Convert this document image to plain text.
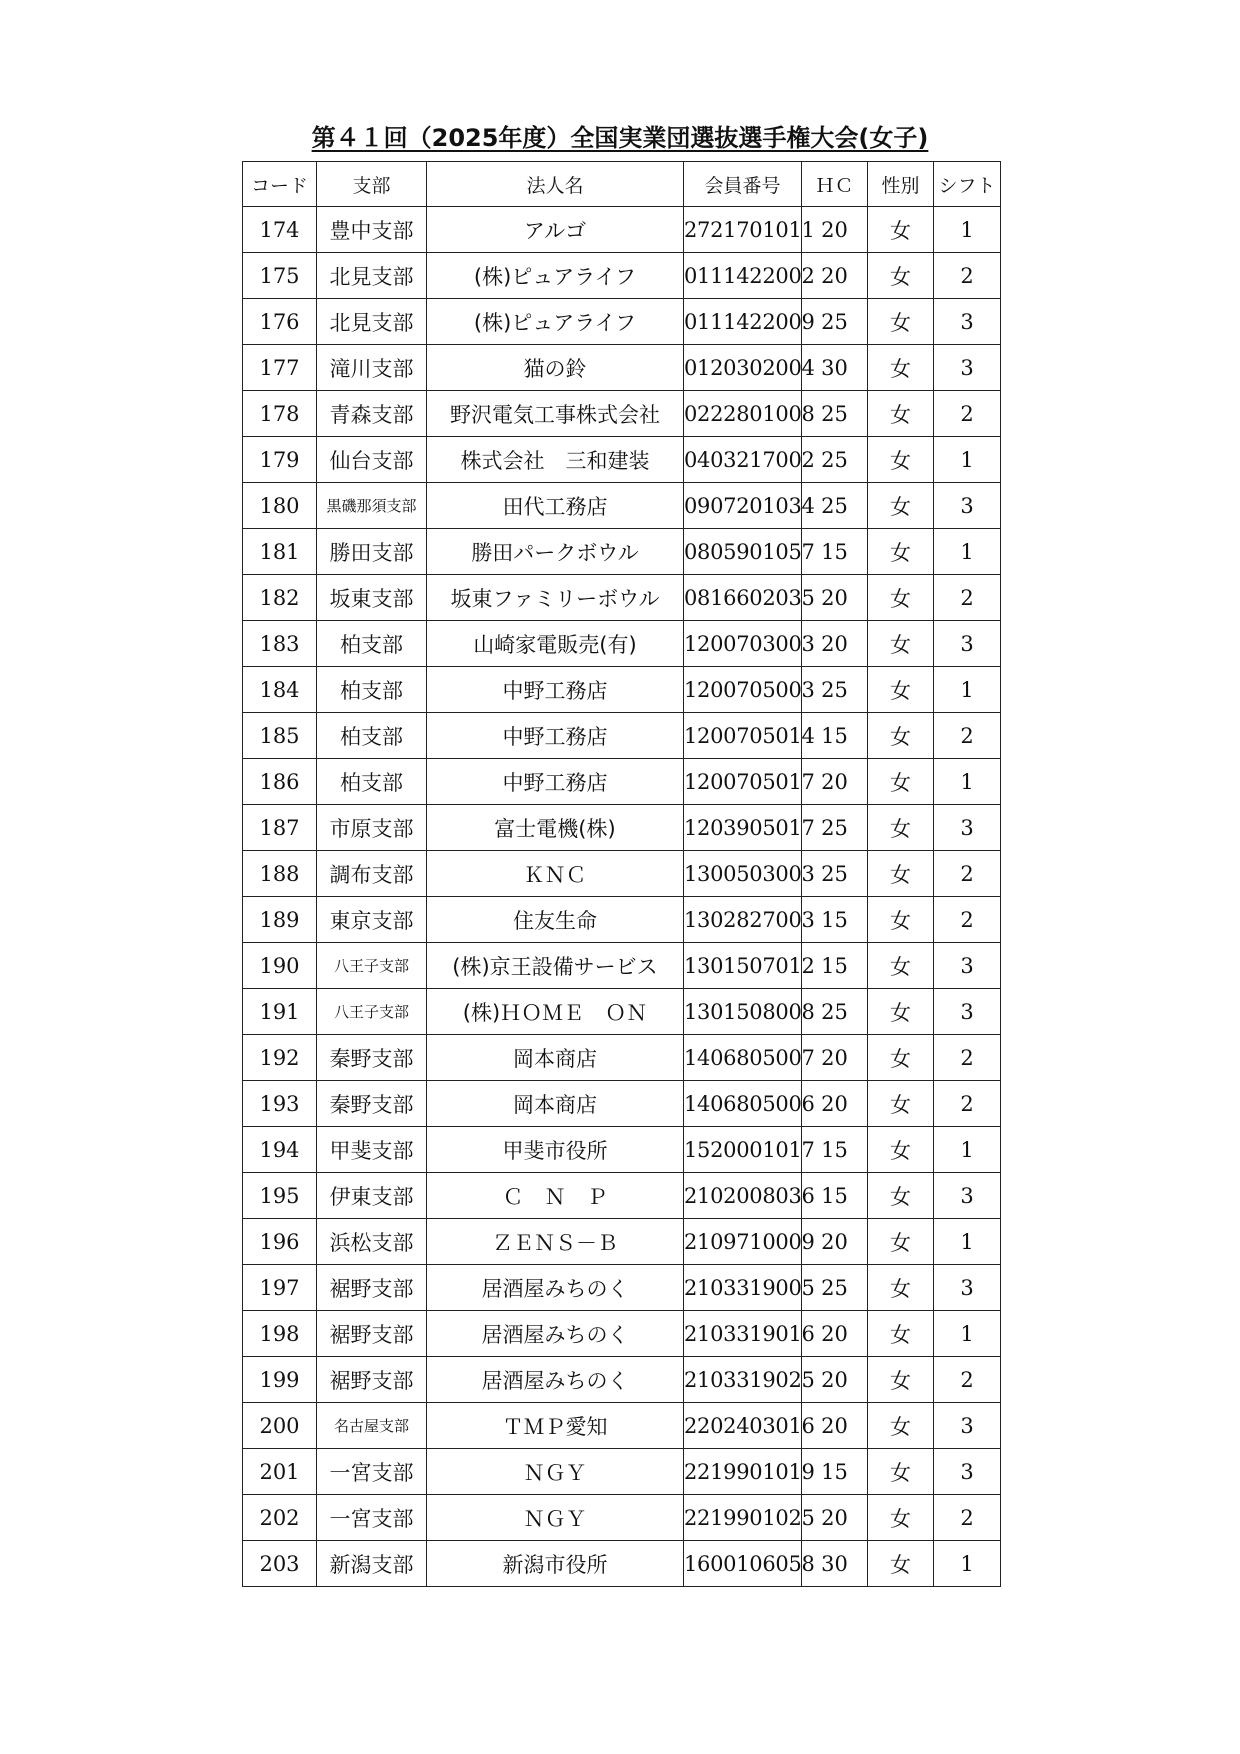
第４１回（2025年度）全国実業団選抜選手権大会(女子)
コード	支部	法人名	会員番号	ＨＣ	性別	シフト
174	豊中支部	アルゴ	2721701011	20	女	1
175	北見支部	(株)ピュアライフ	0111422002	20	女	2
176	北見支部	(株)ピュアライフ	0111422009	25	女	3
177	滝川支部	猫の鈴	0120302004	30	女	3
178	青森支部	野沢電気工事株式会社	0222801008	25	女	2
179	仙台支部	株式会社　三和建装	0403217002	25	女	1
180	黒磯那須支部	田代工務店	0907201034	25	女	3
181	勝田支部	勝田パークボウル	0805901057	15	女	1
182	坂東支部	坂東ファミリーボウル	0816602035	20	女	2
183	柏支部	山崎家電販売(有)	1200703003	20	女	3
184	柏支部	中野工務店	1200705003	25	女	1
185	柏支部	中野工務店	1200705014	15	女	2
186	柏支部	中野工務店	1200705017	20	女	1
187	市原支部	富士電機(株)	1203905017	25	女	3
188	調布支部	ＫＮＣ	1300503003	25	女	2
189	東京支部	住友生命	1302827003	15	女	2
190	八王子支部	(株)京王設備サービス	1301507012	15	女	3
191	八王子支部	(株)ＨＯＭＥ　ＯＮ	1301508008	25	女	3
192	秦野支部	岡本商店	1406805007	20	女	2
193	秦野支部	岡本商店	1406805006	20	女	2
194	甲斐支部	甲斐市役所	1520001017	15	女	1
195	伊東支部	Ｃ　Ｎ　Ｐ	2102008036	15	女	3
196	浜松支部	ＺＥＮＳ－Ｂ	2109710009	20	女	1
197	裾野支部	居酒屋みちのく	2103319005	25	女	3
198	裾野支部	居酒屋みちのく	2103319016	20	女	1
199	裾野支部	居酒屋みちのく	2103319025	20	女	2
200	名古屋支部	ＴＭＰ愛知	2202403016	20	女	3
201	一宮支部	ＮＧＹ	2219901019	15	女	3
202	一宮支部	ＮＧＹ	2219901025	20	女	2
203	新潟支部	新潟市役所	1600106058	30	女	1
